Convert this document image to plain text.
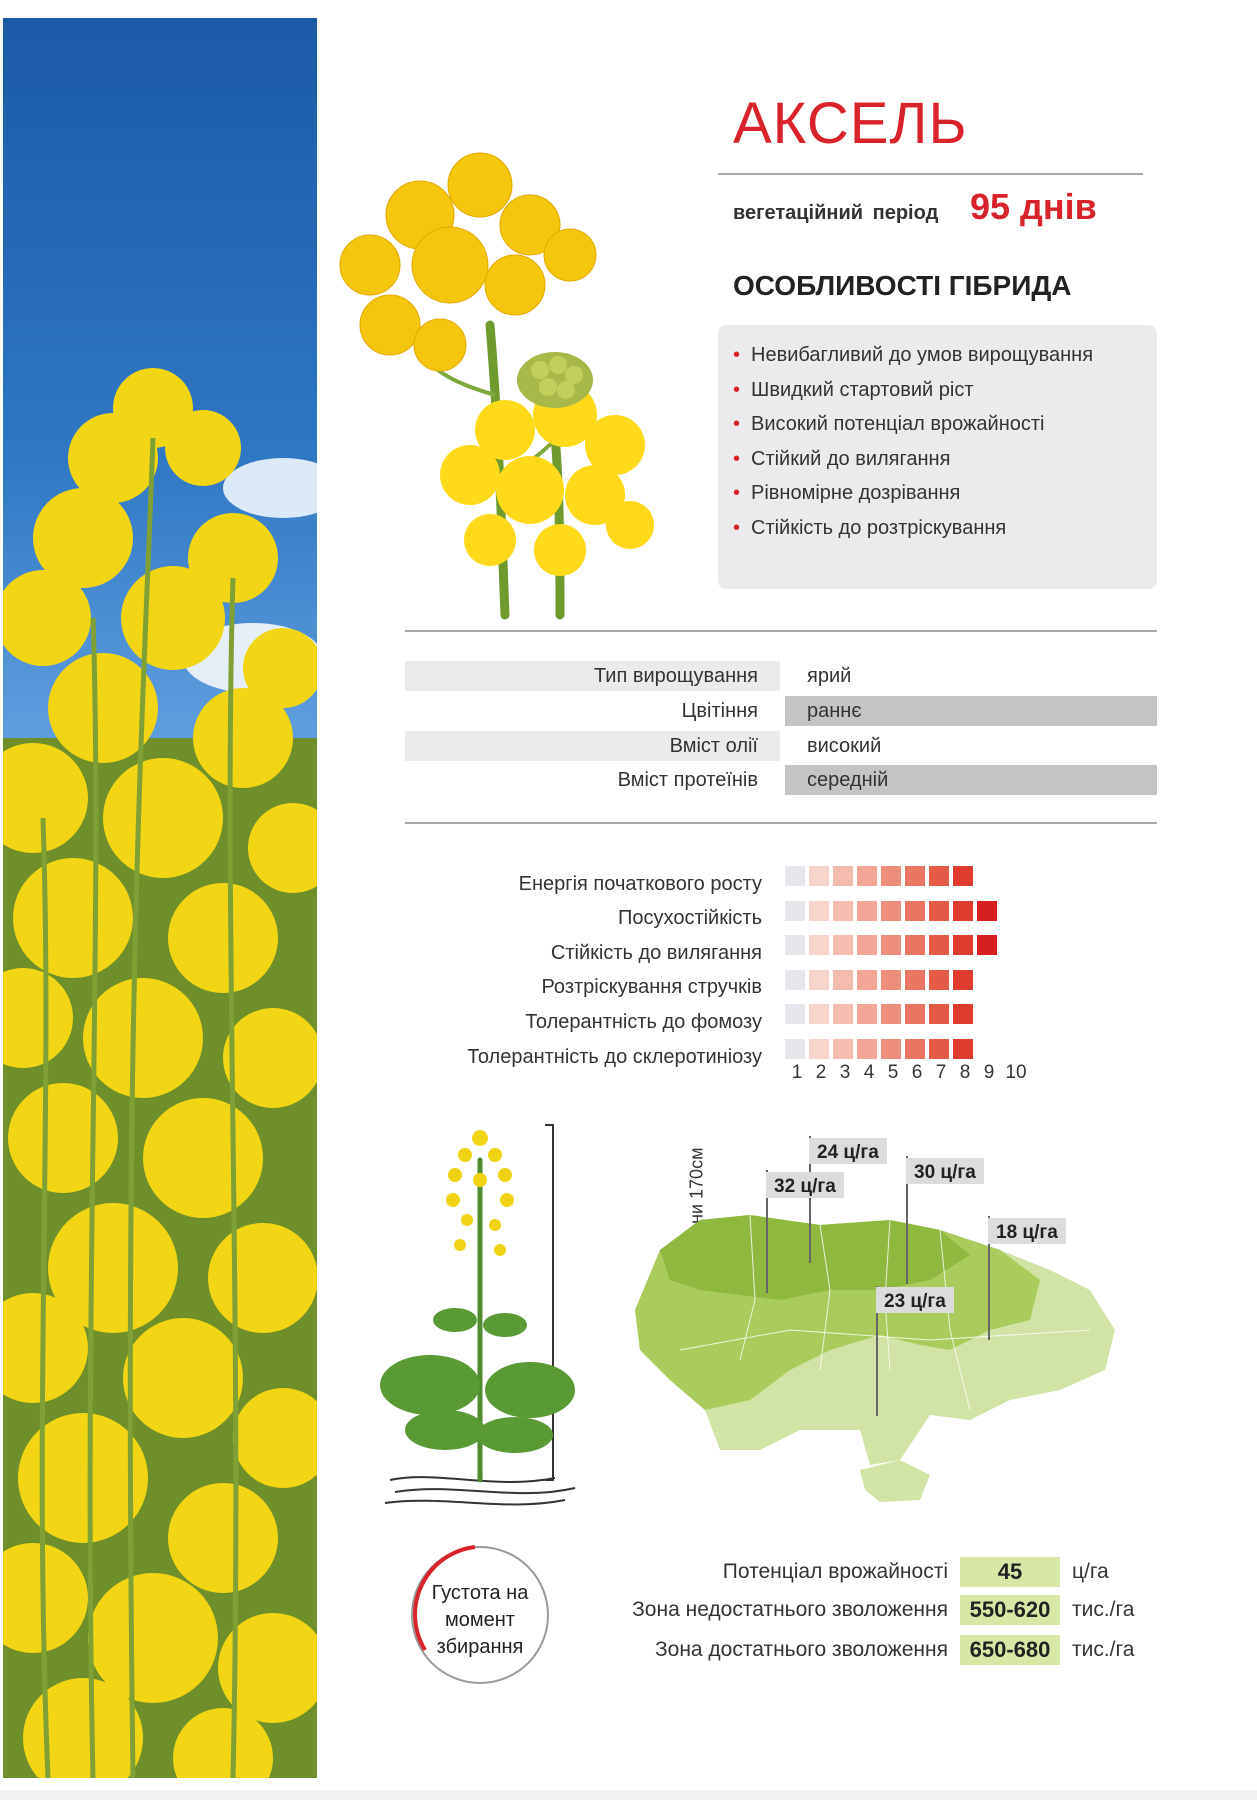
АКСЕЛЬ
вегетаційний період 95 днів
ОСОБЛИВОСТІ ГІБРИДА
• Невибагливий до умов вирощування
• Швидкий стартовий ріст
• Високий потенціал врожайності
• Стійкий до вилягання
• Рівномірне дозрівання
• Стійкість до розтріскування
Тип вирощування	ярий
Цвітіння	раннє
Вміст олії	високий
Вміст протеїнів	середній
Енергія початкового росту
Посухостійкість
Стійкість до вилягання
Розтріскування стручків
Толерантність до фомозу
Толерантність до склеротиніозу
1 2 3 4 5 6 7 8 9 10
24 ц/га
32 ц/га
30 ц/га
18 ц/га
23 ц/га
Густота на момент збирання
Потенціал врожайності	45	ц/га
Зона недостатнього зволоження 550-620	тис./га
Зона достатнього зволоження 650-680	тис./га
